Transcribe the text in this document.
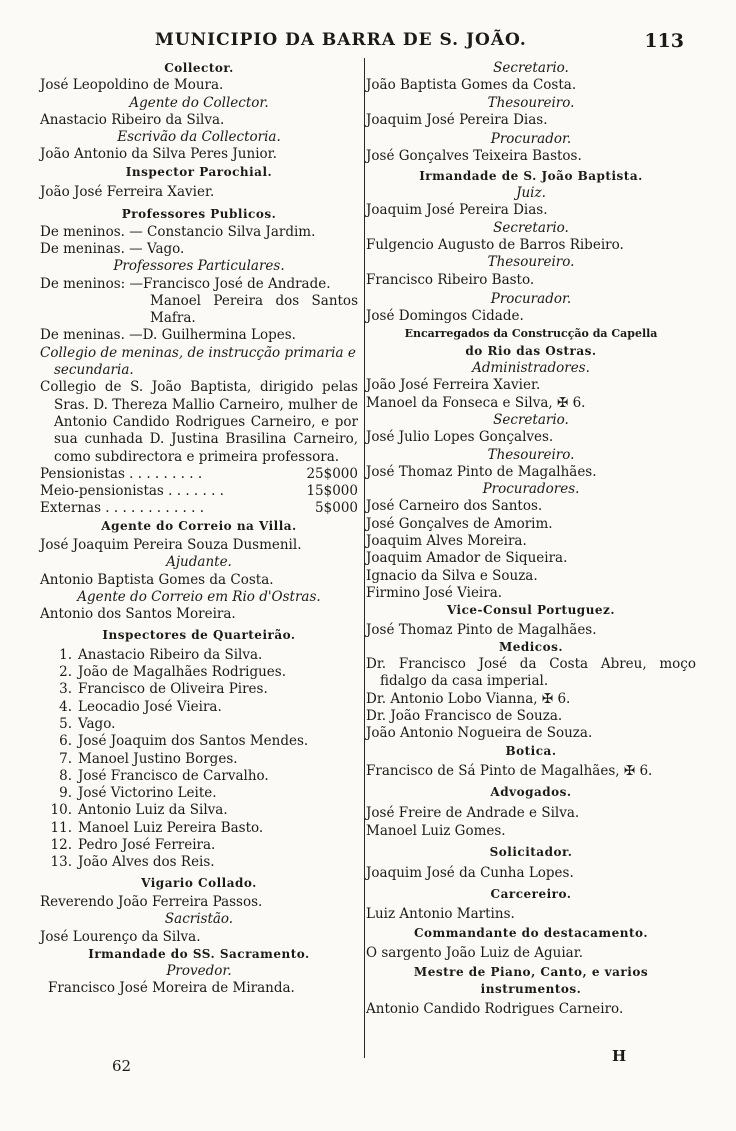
MUNICIPIO DA BARRA DE S. JOÃO.	113
Collector.
José Leopoldino de Moura.
Agente do Collector.
Anastacio Ribeiro da Silva.
Escrivão da Collectoria.
João Antonio da Silva Peres Junior.
Inspector Parochial.
João José Ferreira Xavier.
Professores Publicos.
De meninos. — Constancio Silva Jardim.
De meninas. — Vago.
Professores Particulares.
De meninos: —Francisco José de Andrade.
Manoel Pereira dos Santos Mafra.
De meninas. —D. Guilhermina Lopes.
Collegio de meninas, de instrucção primaria e secundaria.
Collegio de S. João Baptista, dirigido pelas Sras. D. Thereza Mallio Carneiro, mulher de Antonio Candido Rodrigues Carneiro, e por sua cunhada D. Justina Brasilina Carneiro, como subdirectora e primeira professora.
Pensionistas . . . . . . . . .	25$000
Meio-pensionistas . . . . . . .	15$000
Externas . . . . . . . . . . . .	5$000
Agente do Correio na Villa.
José Joaquim Pereira Souza Dusmenil.
Ajudante.
Antonio Baptista Gomes da Costa.
Agente do Correio em Rio d'Ostras.
Antonio dos Santos Moreira.
Inspectores de Quarteirão.
1. Anastacio Ribeiro da Silva.
2. João de Magalhães Rodrigues.
3. Francisco de Oliveira Pires.
4. Leocadio José Vieira.
5. Vago.
6. José Joaquim dos Santos Mendes.
7. Manoel Justino Borges.
8. José Francisco de Carvalho.
9. José Victorino Leite.
10. Antonio Luiz da Silva.
11. Manoel Luiz Pereira Basto.
12. Pedro José Ferreira.
13. João Alves dos Reis.
Vigario Collado.
Reverendo João Ferreira Passos.
Sacristão.
José Lourenço da Silva.
Irmandade do SS. Sacramento.
Provedor.
Francisco José Moreira de Miranda.
Secretario.
João Baptista Gomes da Costa.
Thesoureiro.
Joaquim José Pereira Dias.
Procurador.
José Gonçalves Teixeira Bastos.
Irmandade de S. João Baptista.
Juiz.
Joaquim José Pereira Dias.
Secretario.
Fulgencio Augusto de Barros Ribeiro.
Thesoureiro.
Francisco Ribeiro Basto.
Procurador.
José Domingos Cidade.
Encarregados da Construcção da Capella
do Rio das Ostras.
Administradores.
João José Ferreira Xavier.
Manoel da Fonseca e Silva, ✠ 6.
Secretario.
José Julio Lopes Gonçalves.
Thesoureiro.
José Thomaz Pinto de Magalhães.
Procuradores.
José Carneiro dos Santos.
José Gonçalves de Amorim.
Joaquim Alves Moreira.
Joaquim Amador de Siqueira.
Ignacio da Silva e Souza.
Firmino José Vieira.
Vice-Consul Portuguez.
José Thomaz Pinto de Magalhães.
Medicos.
Dr. Francisco José da Costa Abreu, moço fidalgo da casa imperial.
Dr. Antonio Lobo Vianna, ✠ 6.
Dr. João Francisco de Souza.
João Antonio Nogueira de Souza.
Botica.
Francisco de Sá Pinto de Magalhães, ✠ 6.
Advogados.
José Freire de Andrade e Silva.
Manoel Luiz Gomes.
Solicitador.
Joaquim José da Cunha Lopes.
Carcereiro.
Luiz Antonio Martins.
Commandante do destacamento.
O sargento João Luiz de Aguiar.
Mestre de Piano, Canto, e varios
instrumentos.
Antonio Candido Rodrigues Carneiro.
62
H
